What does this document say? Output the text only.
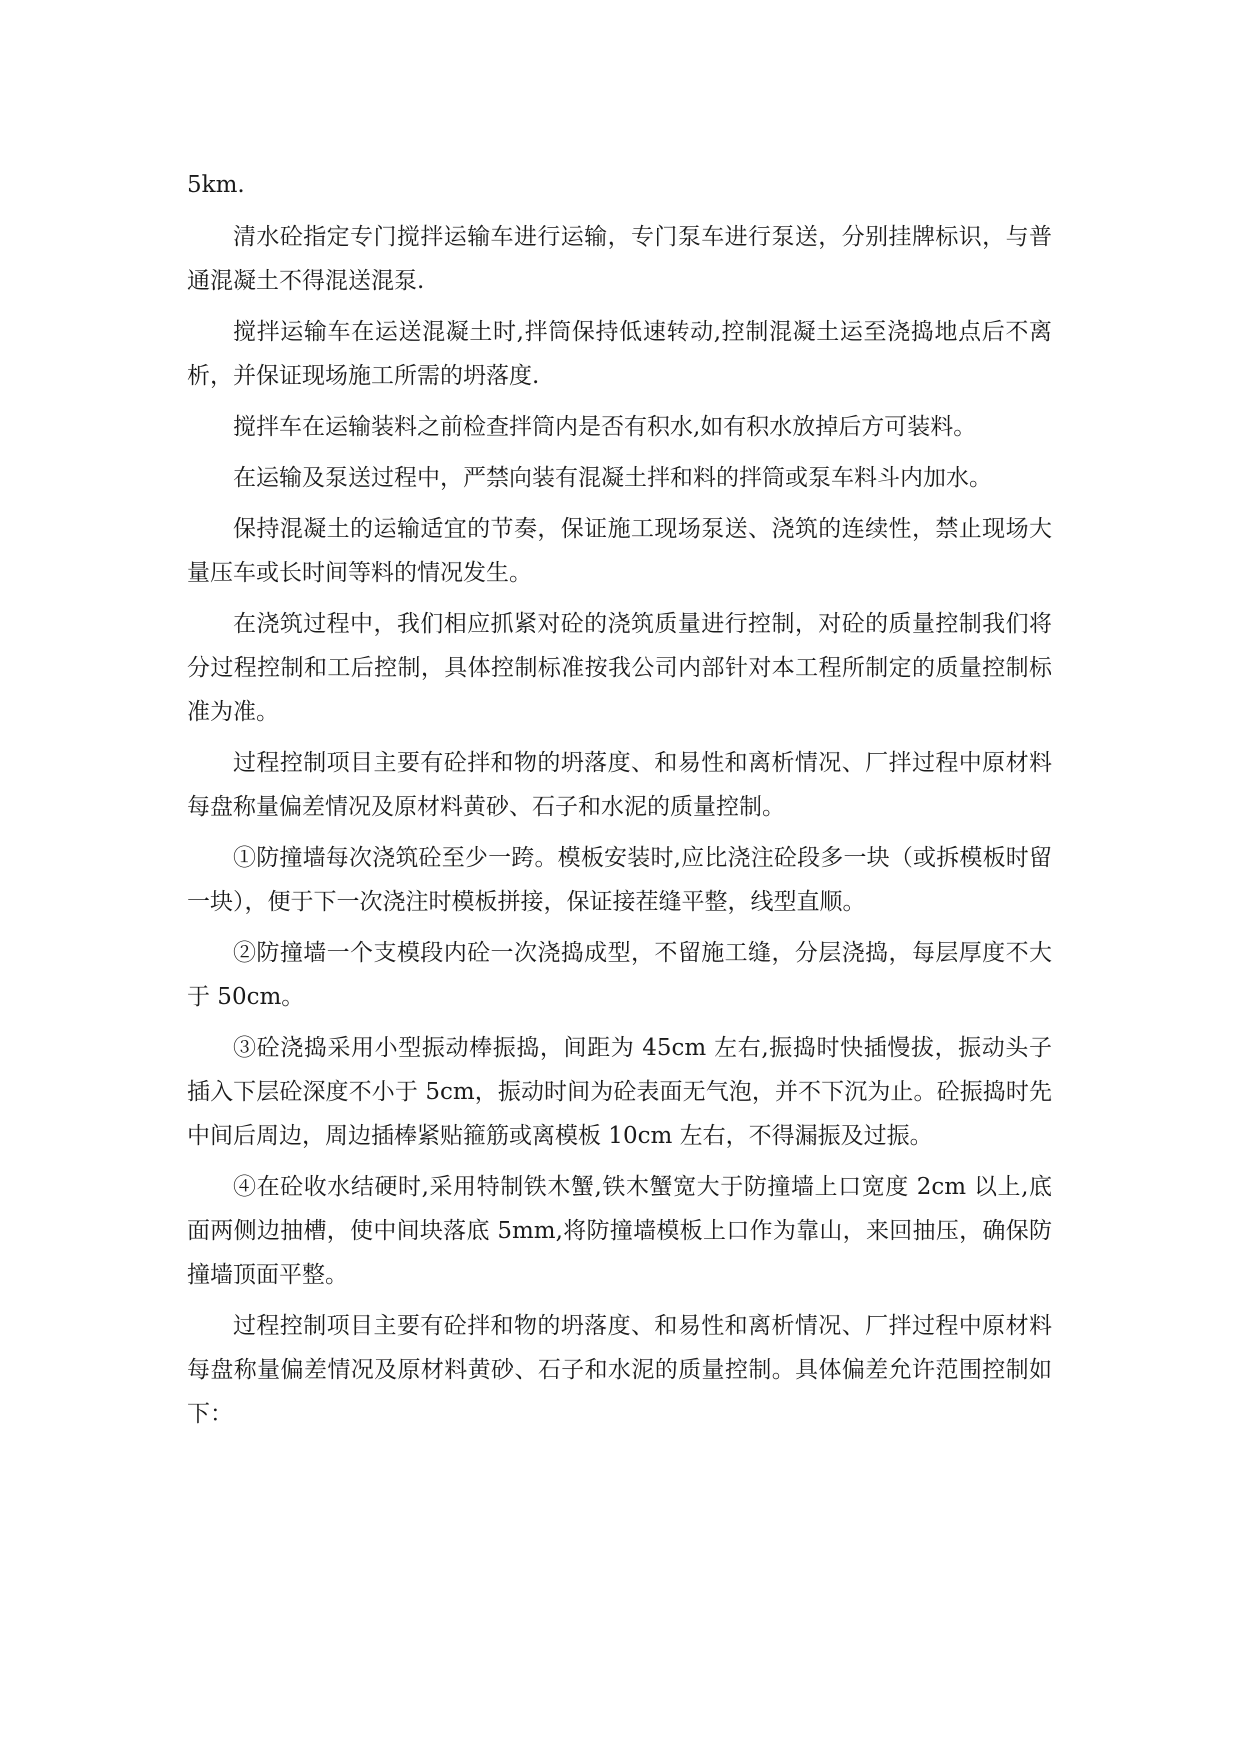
5km.

清水砼指定专门搅拌运输车进行运输，专门泵车进行泵送，分别挂牌标识，与普通混凝土不得混送混泵.

搅拌运输车在运送混凝土时,拌筒保持低速转动,控制混凝土运至浇捣地点后不离析，并保证现场施工所需的坍落度.

搅拌车在运输装料之前检查拌筒内是否有积水,如有积水放掉后方可装料。

在运输及泵送过程中，严禁向装有混凝土拌和料的拌筒或泵车料斗内加水。

保持混凝土的运输适宜的节奏，保证施工现场泵送、浇筑的连续性，禁止现场大量压车或长时间等料的情况发生。

在浇筑过程中，我们相应抓紧对砼的浇筑质量进行控制，对砼的质量控制我们将分过程控制和工后控制，具体控制标准按我公司内部针对本工程所制定的质量控制标准为准。

过程控制项目主要有砼拌和物的坍落度、和易性和离析情况、厂拌过程中原材料每盘称量偏差情况及原材料黄砂、石子和水泥的质量控制。

①防撞墙每次浇筑砼至少一跨。模板安装时,应比浇注砼段多一块（或拆模板时留一块），便于下一次浇注时模板拼接，保证接茬缝平整，线型直顺。

②防撞墙一个支模段内砼一次浇捣成型，不留施工缝，分层浇捣，每层厚度不大于 50cm。

③砼浇捣采用小型振动棒振捣，间距为 45cm 左右,振捣时快插慢拔，振动头子插入下层砼深度不小于 5cm，振动时间为砼表面无气泡，并不下沉为止。砼振捣时先中间后周边，周边插棒紧贴箍筋或离模板 10cm 左右，不得漏振及过振。

④在砼收水结硬时,采用特制铁木蟹,铁木蟹宽大于防撞墙上口宽度 2cm 以上,底面两侧边抽槽，使中间块落底 5mm,将防撞墙模板上口作为靠山，来回抽压，确保防撞墙顶面平整。

过程控制项目主要有砼拌和物的坍落度、和易性和离析情况、厂拌过程中原材料每盘称量偏差情况及原材料黄砂、石子和水泥的质量控制。具体偏差允许范围控制如下：
